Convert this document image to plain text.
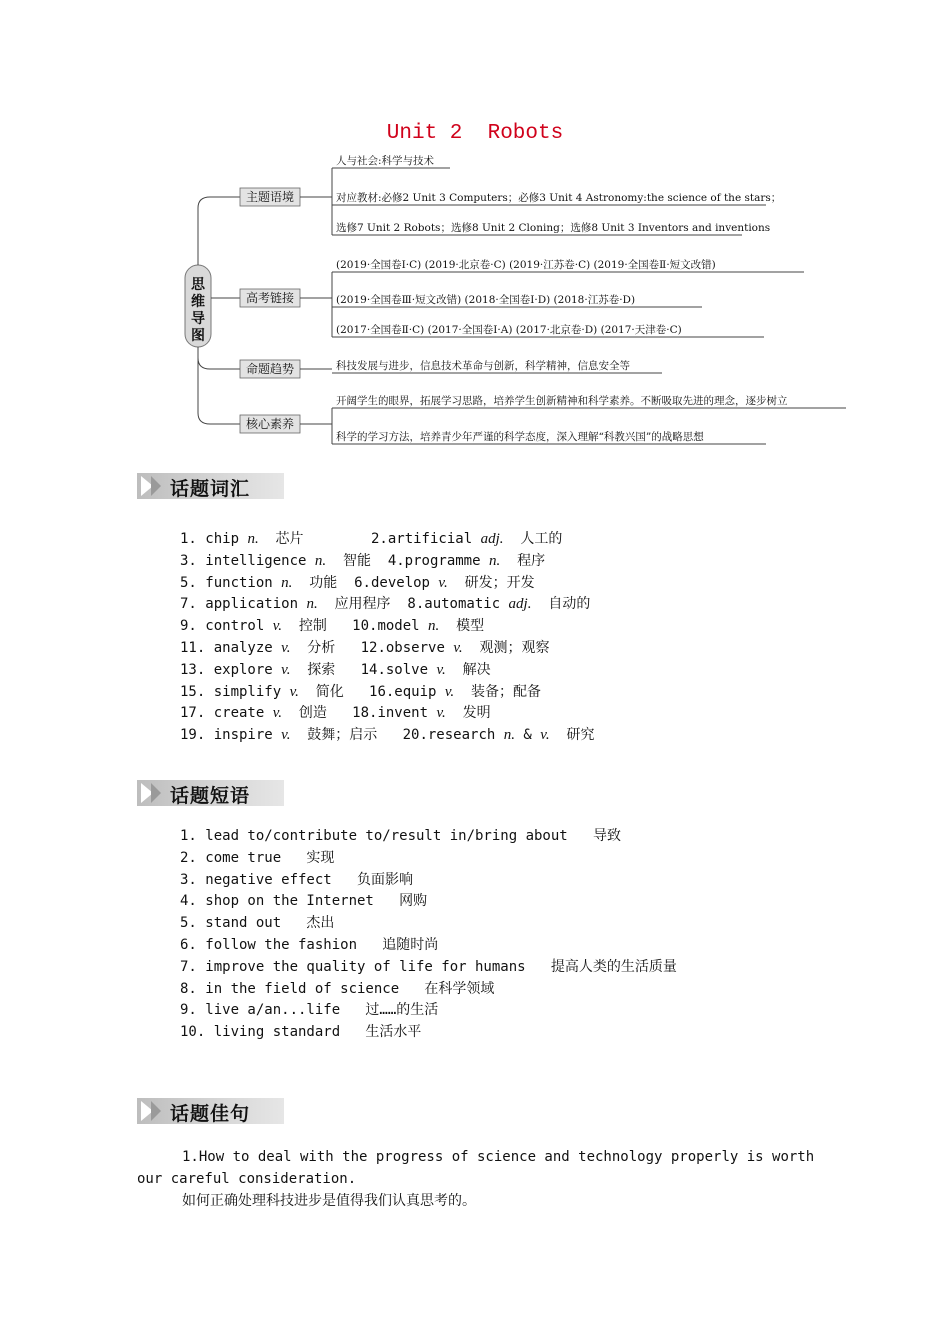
Unit 2  Robots
思
维
导
图
主题语境
人与社会:科学与技术
对应教材:必修2 Unit 3 Computers；必修3 Unit 4 Astronomy:the science of the stars；
选修7 Unit 2 Robots；选修8 Unit 2 Cloning；选修8 Unit 3 Inventors and inventions
高考链接
(2019·全国卷Ⅰ·C) (2019·北京卷·C) (2019·江苏卷·C) (2019·全国卷Ⅱ·短文改错)
(2019·全国卷Ⅲ·短文改错) (2018·全国卷Ⅰ·D) (2018·江苏卷·D)
(2017·全国卷Ⅱ·C) (2017·全国卷Ⅰ·A) (2017·北京卷·D) (2017·天津卷·C)
命题趋势	科技发展与进步，信息技术革命与创新，科学精神，信息安全等
核心素养
开阔学生的眼界，拓展学习思路，培养学生创新精神和科学素养。不断吸取先进的理念，逐步树立
科学的学习方法，培养青少年严谨的科学态度，深入理解“科教兴国”的战略思想
话题词汇
1. chip n.  芯片        2.artificial adj.  人工的
3. intelligence n.  智能  4.programme n.  程序
5. function n.  功能  6.develop v.  研发；开发
7. application n.  应用程序  8.automatic adj.  自动的
9. control v.  控制   10.model n.  模型
11. analyze v.  分析   12.observe v.  观测；观察
13. explore v.  探索   14.solve v.  解决
15. simplify v.  简化   16.equip v.  装备；配备
17. create v.  创造   18.invent v.  发明
19. inspire v.  鼓舞；启示   20.research n. & v.  研究
话题短语
1. lead to/contribute to/result in/bring about   导致
2. come true   实现
3. negative effect   负面影响
4. shop on the Internet   网购
5. stand out   杰出
6. follow the fashion   追随时尚
7. improve the quality of life for humans   提高人类的生活质量
8. in the field of science   在科学领域
9. live a/an...life   过……的生活
10. living standard   生活水平
话题佳句
1.How to deal with the progress of science and technology properly is worth our careful consideration.
如何正确处理科技进步是值得我们认真思考的。
